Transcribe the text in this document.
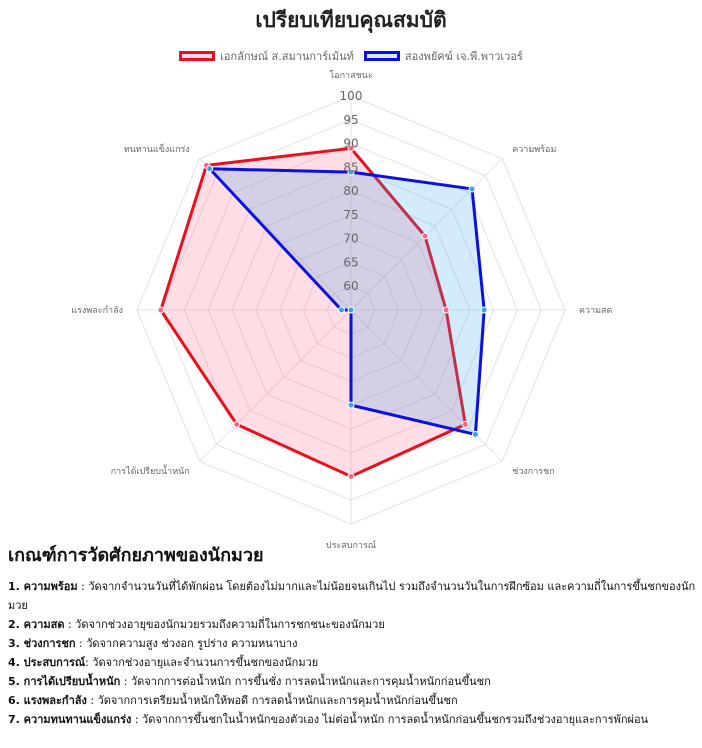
เปรียบเทียบคุณสมบัติ
เอกลักษณ์ ส.สมานการ์เม้นท์	สองพยัคฆ์ เจ.พี.พาวเวอร์
60
65
70
75
80
85
90
95
100
โอกาสชนะ
ความพร้อม
ความสด
ช่วงการชก
ประสบการณ์
การได้เปรียบน้ำหนัก
แรงพละกำลัง
ทนทานแข็งแกร่ง
เกณฑ์การวัดศักยภาพของนักมวย

1. ความพร้อม : วัดจากจำนวนวันที่ได้พักผ่อน โดยต้องไม่มากและไม่น้อยจนเกินไป รวมถึงจำนวนวันในการฝึกซ้อม และความถี่ในการขึ้นชกของนักมวย

2. ความสด : วัดจากช่วงอายุของนักมวยรวมถึงความถี่ในการชกชนะของนักมวย

3. ช่วงการชก : วัดจากความสูง ช่วงอก รูปร่าง ความหนาบาง

4. ประสบการณ์: วัดจากช่วงอายุและจำนวนการขึ้นชกของนักมวย

5. การได้เปรียบน้ำหนัก : วัดจากการต่อน้ำหนัก การขึ้นชั่ง การลดน้ำหนักและการคุมน้ำหนักก่อนขึ้นชก

6. แรงพละกำลัง : วัดจากการเตรียมน้ำหนักให้พอดี การลดน้ำหนักและการคุมน้ำหนักก่อนขึ้นชก

7. ความทนทานแข็งแกร่ง : วัดจากการขึ้นชกในน้ำหนักของตัวเอง ไม่ต่อน้ำหนัก การลดน้ำหนักก่อนขึ้นชกรวมถึงช่วงอายุและการพักผ่อน
